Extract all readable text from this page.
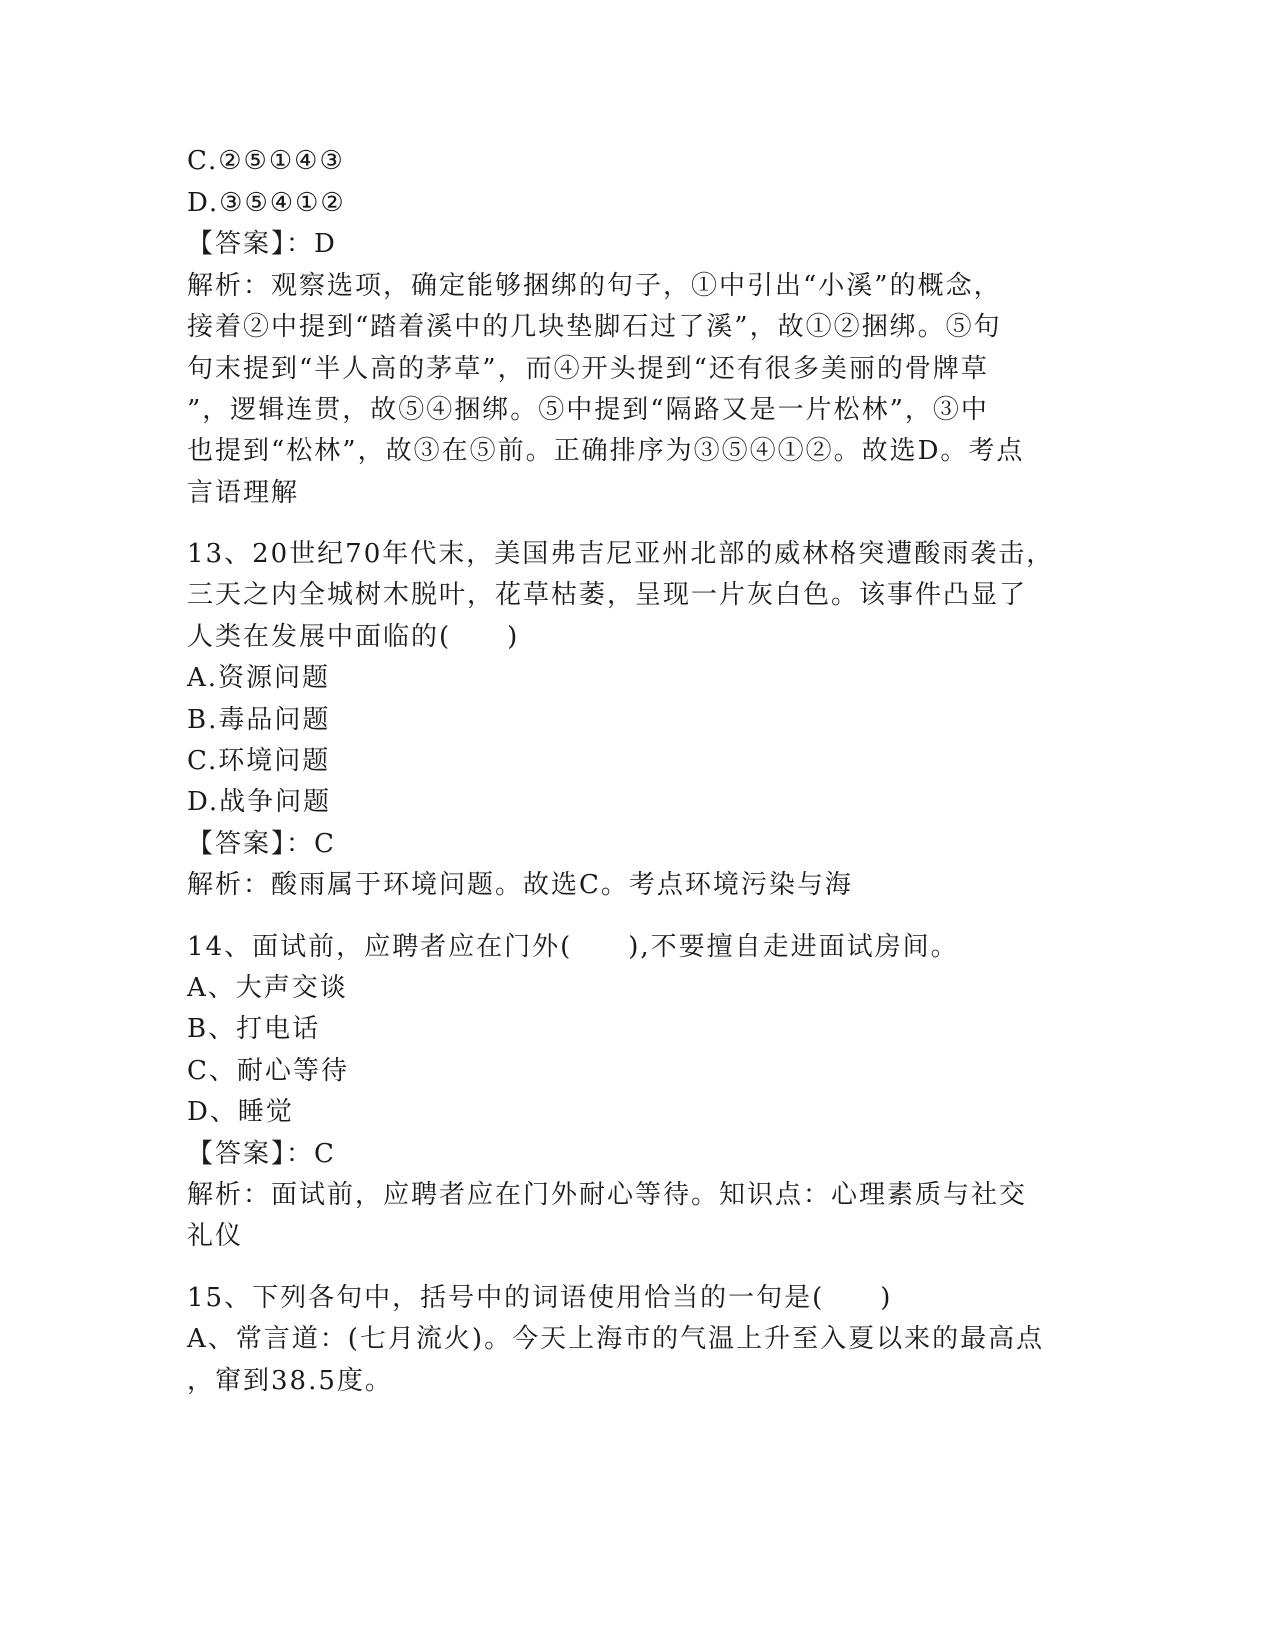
C.②⑤①④③
D.③⑤④①②
【答案】：D
解析：观察选项，确定能够捆绑的句子，①中引出“小溪”的概念，
接着②中提到“踏着溪中的几块垫脚石过了溪”，故①②捆绑。⑤句
句末提到“半人高的茅草”，而④开头提到“还有很多美丽的骨牌草
”，逻辑连贯，故⑤④捆绑。⑤中提到“隔路又是一片松林”，③中
也提到“松林”，故③在⑤前。正确排序为③⑤④①②。故选D。考点
言语理解
13、20世纪70年代末，美国弗吉尼亚州北部的威林格突遭酸雨袭击，
三天之内全城树木脱叶，花草枯萎，呈现一片灰白色。该事件凸显了
人类在发展中面临的(　　)
A.资源问题
B.毒品问题
C.环境问题
D.战争问题
【答案】：C
解析：酸雨属于环境问题。故选C。考点环境污染与海
14、面试前，应聘者应在门外(　　),不要擅自走进面试房间。
A、大声交谈
B、打电话
C、耐心等待
D、睡觉
【答案】：C
解析：面试前，应聘者应在门外耐心等待。知识点：心理素质与社交
礼仪
15、下列各句中，括号中的词语使用恰当的一句是(　　)
A、常言道：(七月流火)。今天上海市的气温上升至入夏以来的最高点
，窜到38.5度。
